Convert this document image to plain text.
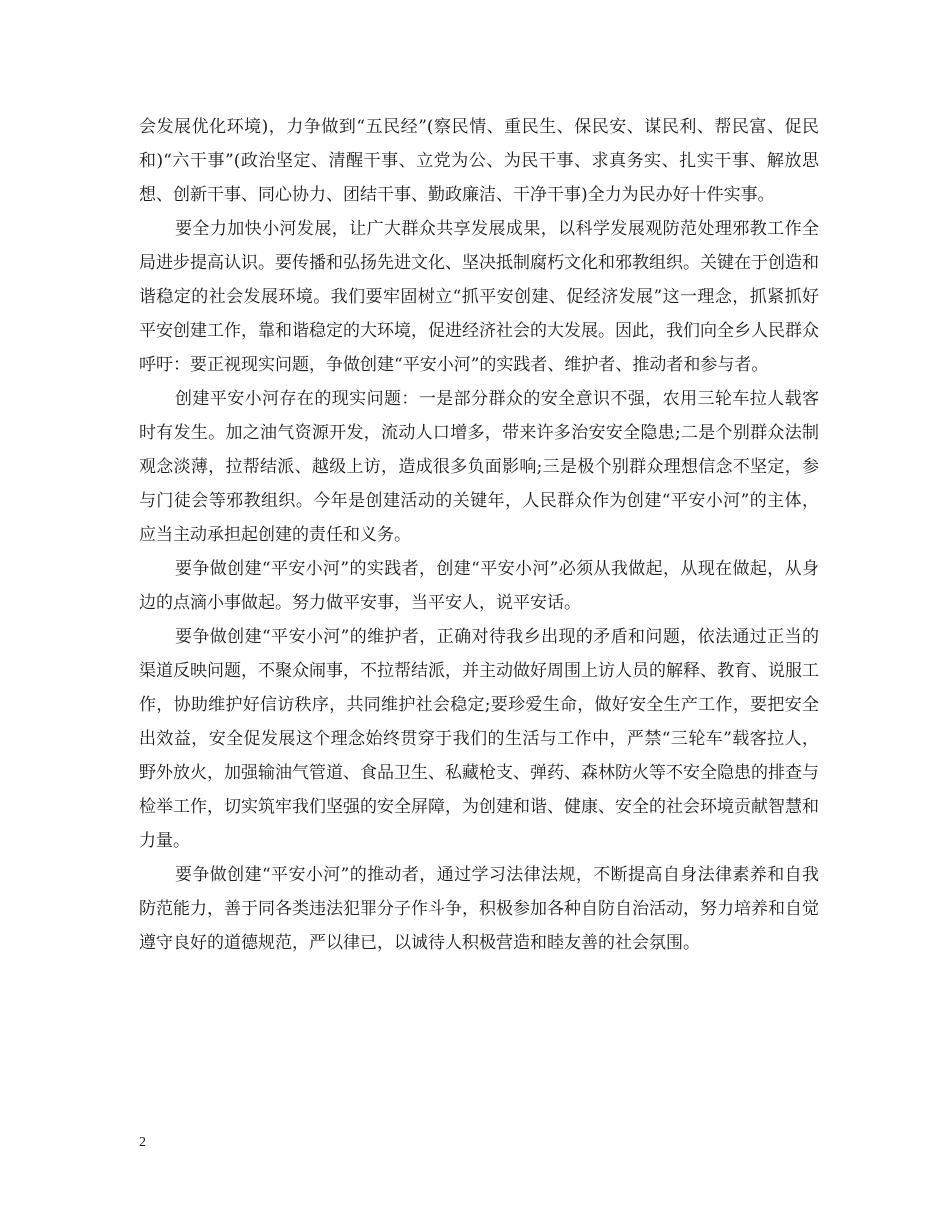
会发展优化环境)，力争做到“五民经”(察民情、重民生、保民安、谋民利、帮民富、促民和)“六干事”(政治坚定、清醒干事、立党为公、为民干事、求真务实、扎实干事、解放思想、创新干事、同心协力、团结干事、勤政廉洁、干净干事)全力为民办好十件实事。

要全力加快小河发展，让广大群众共享发展成果，以科学发展观防范处理邪教工作全局进步提高认识。要传播和弘扬先进文化、坚决抵制腐朽文化和邪教组织。关键在于创造和谐稳定的社会发展环境。我们要牢固树立“抓平安创建、促经济发展”这一理念，抓紧抓好平安创建工作，靠和谐稳定的大环境，促进经济社会的大发展。因此，我们向全乡人民群众呼吁：要正视现实问题，争做创建“平安小河”的实践者、维护者、推动者和参与者。

创建平安小河存在的现实问题：一是部分群众的安全意识不强，农用三轮车拉人载客时有发生。加之油气资源开发，流动人口增多，带来许多治安安全隐患;二是个别群众法制观念淡薄，拉帮结派、越级上访，造成很多负面影响;三是极个别群众理想信念不坚定，参与门徒会等邪教组织。今年是创建活动的关键年，人民群众作为创建“平安小河”的主体，应当主动承担起创建的责任和义务。

要争做创建“平安小河”的实践者，创建“平安小河”必须从我做起，从现在做起，从身边的点滴小事做起。努力做平安事，当平安人，说平安话。

要争做创建“平安小河”的维护者，正确对待我乡出现的矛盾和问题，依法通过正当的渠道反映问题，不聚众闹事，不拉帮结派，并主动做好周围上访人员的解释、教育、说服工作，协助维护好信访秩序，共同维护社会稳定;要珍爱生命，做好安全生产工作，要把安全出效益，安全促发展这个理念始终贯穿于我们的生活与工作中，严禁“三轮车”载客拉人，野外放火，加强输油气管道、食品卫生、私藏枪支、弹药、森林防火等不安全隐患的排查与检举工作，切实筑牢我们坚强的安全屏障，为创建和谐、健康、安全的社会环境贡献智慧和力量。

要争做创建“平安小河”的推动者，通过学习法律法规，不断提高自身法律素养和自我防范能力，善于同各类违法犯罪分子作斗争，积极参加各种自防自治活动，努力培养和自觉遵守良好的道德规范，严以律已，以诚待人积极营造和睦友善的社会氛围。

2
